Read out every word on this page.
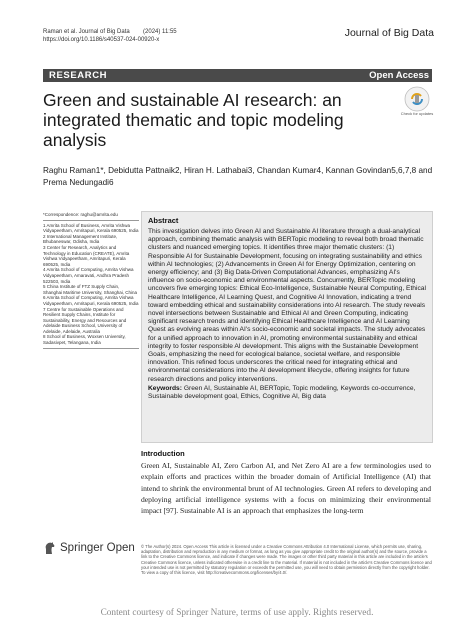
Raman et al. Journal of Big Data        (2024) 11:55
https://doi.org/10.1186/s40537-024-00920-x
Journal of Big Data
RESEARCH	Open Access
Check for updates
Green and sustainable AI research: an integrated thematic and topic modeling analysis
Raghu Raman1*, Debidutta Pattnaik2, Hiran H. Lathabai3, Chandan Kumar4, Kannan Govindan5,6,7,8 and Prema Nedungadi6
*Correspondence: raghu@amrita.edu

1 Amrita School of Business, Amrita Vishwa Vidyapeetham, Amritapuri, Kerala 690525, India

2 International Management Institute, Bhubaneswar, Odisha, India

3 Center for Research, Analytics and Technology in Education (CREATE), Amrita Vishwa Vidyapeetham, Amritapuri, Kerala 690525, India

4 Amrita School of Computing, Amrita Vishwa Vidyapeetham, Amaravati, Andhra Pradesh 522503, India

5 China Institute of FTZ Supply Chain, Shanghai Maritime University, Shanghai, China

6 Amrita School of Computing, Amrita Vishwa Vidyapeetham, Amritapuri, Kerala 690525, India

7 Centre for Sustainable Operations and Resilient Supply Chains, Institute for Sustainability, Energy and Resources and Adelaide Business School, University of Adelaide, Adelaide, Australia

8 School of Business, Woxsen University, Sadasivpet, Telangana, India

Abstract
This investigation delves into Green AI and Sustainable AI literature through a dual-analytical approach, combining thematic analysis with BERTopic modeling to reveal both broad thematic clusters and nuanced emerging topics. It identifies three major thematic clusters: (1) Responsible AI for Sustainable Development, focusing on integrating sustainability and ethics within AI technologies; (2) Advancements in Green AI for Energy Optimization, centering on energy efficiency; and (3) Big Data-Driven Computational Advances, emphasizing AI's influence on socio-economic and environmental aspects. Concurrently, BERTopic modeling uncovers five emerging topics: Ethical Eco-Intelligence, Sustainable Neural Computing, Ethical Healthcare Intelligence, AI Learning Quest, and Cognitive AI Innovation, indicating a trend toward embedding ethical and sustainability considerations into AI research. The study reveals novel intersections between Sustainable and Ethical AI and Green Computing, indicating significant research trends and identifying Ethical Healthcare Intelligence and AI Learning Quest as evolving areas within AI's socio-economic and societal impacts. The study advocates for a unified approach to innovation in AI, promoting environmental sustainability and ethical integrity to foster responsible AI development. This aligns with the Sustainable Development Goals, emphasizing the need for ecological balance, societal welfare, and responsible innovation. This refined focus underscores the critical need for integrating ethical and environmental considerations into the AI development lifecycle, offering insights for future research directions and policy interventions.
Keywords: Green AI, Sustainable AI, BERTopic, Topic modeling, Keywords co-occurrence, Sustainable development goal, Ethics, Cognitive AI, Big data
Introduction
Green AI, Sustainable AI, Zero Carbon AI, and Net Zero AI are a few terminologies used to explain efforts and practices within the broader domain of Artificial Intelligence (AI) that intend to shrink the environmental brunt of AI technologies. Green AI refers to developing and deploying artificial intelligence systems with a focus on minimizing their environmental impact [97]. Sustainable AI is an approach that emphasizes the long-term
Springer Open © The Author(s) 2024. Open Access This article is licensed under a Creative Commons Attribution 4.0 International License, which permits use, sharing, adaptation, distribution and reproduction in any medium or format, as long as you give appropriate credit to the original author(s) and the source, provide a link to the Creative Commons licence, and indicate if changes were made. The images or other third party material in this article are included in the article's Creative Commons licence, unless indicated otherwise in a credit line to the material. If material is not included in the article's Creative Commons licence and your intended use is not permitted by statutory regulation or exceeds the permitted use, you will need to obtain permission directly from the copyright holder. To view a copy of this licence, visit http://creativecommons.org/licenses/by/4.0/.
Content courtesy of Springer Nature, terms of use apply. Rights reserved.
